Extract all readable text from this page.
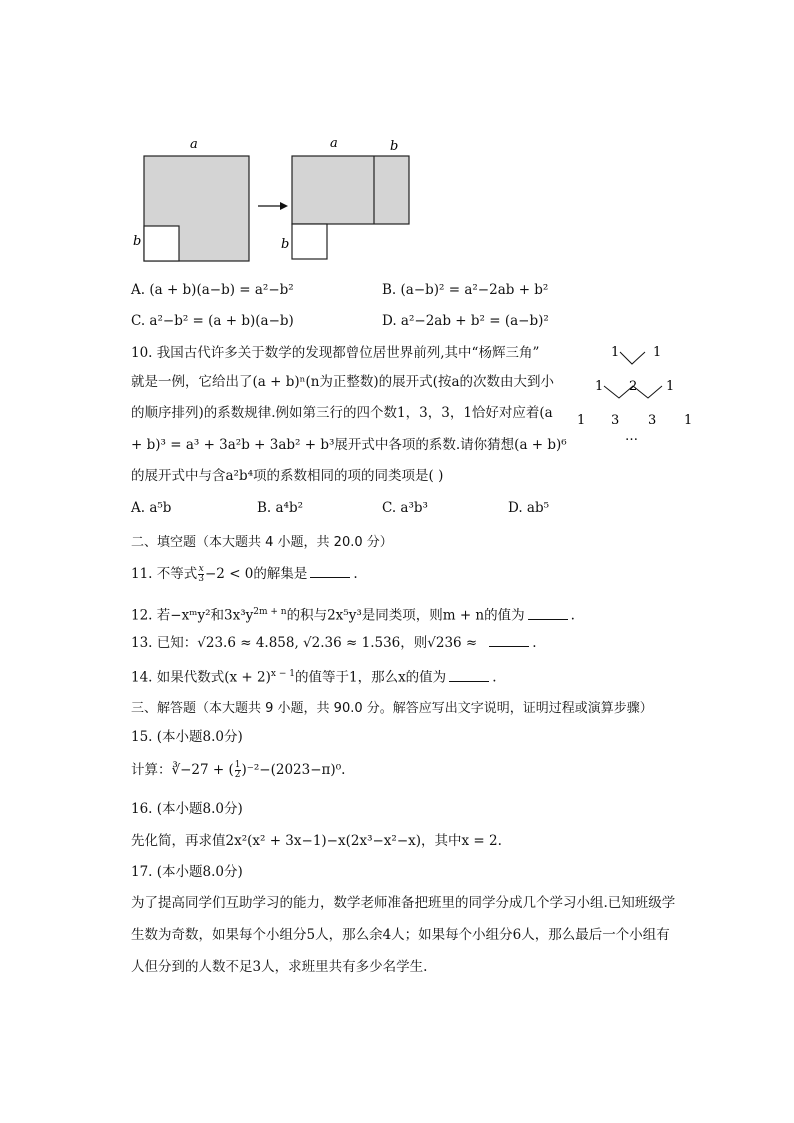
a
b
a	b
b
A. (a + b)(a−b) = a²−b²	B. (a−b)² = a²−2ab + b²
C. a²−b² = (a + b)(a−b)	D. a²−2ab + b² = (a−b)²
10. 我国古代许多关于数学的发现都曾位居世界前列,其中“杨辉三角”
就是一例，它给出了(a + b)ⁿ(n为正整数)的展开式(按a的次数由大到小
的顺序排列)的系数规律.例如第三行的四个数1，3，3，1恰好对应着(a
+ b)³ = a³ + 3a²b + 3ab² + b³展开式中各项的系数.请你猜想(a + b)⁶
的展开式中与含a²b⁴项的系数相同的项的同类项是( )
1	1
1 2 1
1 3 3 1
…
A. a⁵b	B. a⁴b²	C. a³b³	D. ab⁵
二、填空题（本大题共 4 小题，共 20.0 分）
11. 不等式 $\frac{x}{3} -2 < 0$的解集是	.
12. 若−xᵐy²和$3x^3y^{2m + n}$的积与2x⁵y³是同类项，则m + n的值为	.
13. 已知：√23.6 ≈ 4.858, √2.36 ≈ 1.536，则√236 ≈	.
14. 如果代数式$(x + 2)^{x - 1}$的值等于1，那么x的值为	.
三、解答题（本大题共 9 小题，共 90.0 分。解答应写出文字说明，证明过程或演算步骤）
15. (本小题8.0分)
计算：∛−27 + ( $\frac{1}{2} )^{-2}-(2023-\pi)^0$.
16. (本小题8.0分)
先化简，再求值2x²(x² + 3x−1)−x(2x³−x²−x)，其中x = 2.
17. (本小题8.0分)
为了提高同学们互助学习的能力，数学老师准备把班里的同学分成几个学习小组.已知班级学
生数为奇数，如果每个小组分5人，那么余4人；如果每个小组分6人，那么最后一个小组有
人但分到的人数不足3人，求班里共有多少名学生.
